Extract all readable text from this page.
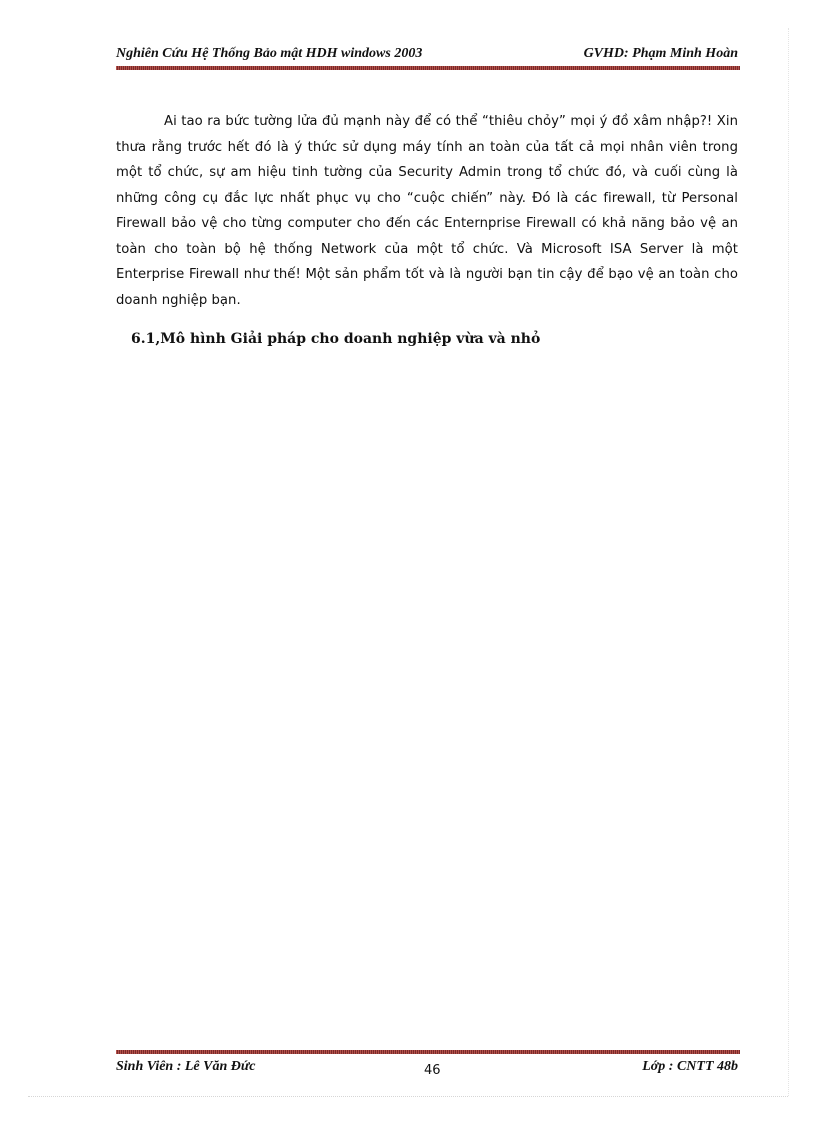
Nghiên Cứu Hệ Thống Bảo mật HDH windows 2003	GVHD: Phạm Minh Hoàn

Ai tao ra bức tường lửa đủ mạnh này để có thể “thiêu chỏy” mọi ý đồ xâm nhập?! Xin thưa rằng trước hết đó là ý thức sử dụng máy tính an toàn của tất cả mọi nhân viên trong một tổ chức, sự am hiệu tinh tường của Security Admin trong tổ chức đó, và cuối cùng là những công cụ đắc lực nhất phục vụ cho “cuộc chiến” này. Đó là các firewall, từ Personal Firewall bảo vệ cho từng computer cho đến các Enternprise Firewall có khả năng bảo vệ an toàn cho toàn bộ hệ thống Network của một tổ chức. Và Microsoft ISA Server là một Enterprise Firewall như thế! Một sản phẩm tốt và là người bạn tin cậy để bạo vệ an toàn cho doanh nghiệp bạn.

6.1,Mô hình Giải pháp cho doanh nghiệp vừa và nhỏ
Sinh Viên : Lê Văn Đức	46	Lớp : CNTT 48b
